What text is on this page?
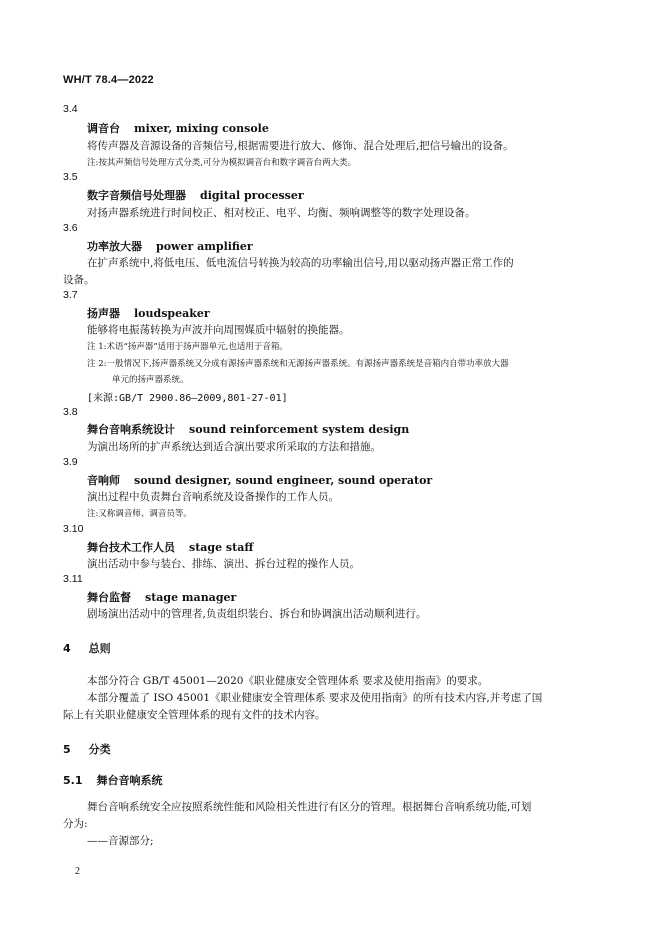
WH/T 78.4—2022
3.4
调音台 mixer, mixing console
将传声器及音源设备的音频信号,根据需要进行放大、修饰、混合处理后,把信号输出的设备。
注:按其声频信号处理方式分类,可分为模拟调音台和数字调音台两大类。
3.5
数字音频信号处理器 digital processer
对扬声器系统进行时间校正、相对校正、电平、均衡、频响调整等的数字处理设备。
3.6
功率放大器 power amplifier
在扩声系统中,将低电压、低电流信号转换为较高的功率输出信号,用以驱动扬声器正常工作的
设备。
3.7
扬声器 loudspeaker
能够将电振荡转换为声波并向周围媒质中辐射的换能器。
注 1:术语“扬声器”适用于扬声器单元,也适用于音箱。
注 2:一般情况下,扬声器系统又分成有源扬声器系统和无源扬声器系统。有源扬声器系统是音箱内自带功率放大器
单元的扬声器系统。
[来源:GB/T 2900.86—2009,801-27-01]
3.8
舞台音响系统设计 sound reinforcement system design
为演出场所的扩声系统达到适合演出要求所采取的方法和措施。
3.9
音响师 sound designer, sound engineer, sound operator
演出过程中负责舞台音响系统及设备操作的工作人员。
注:又称调音师、调音员等。
3.10
舞台技术工作人员 stage staff
演出活动中参与装台、排练、演出、拆台过程的操作人员。
3.11
舞台监督 stage manager
剧场演出活动中的管理者,负责组织装台、拆台和协调演出活动顺利进行。
4 总则
本部分符合 GB/T 45001—2020《职业健康安全管理体系 要求及使用指南》的要求。
本部分覆盖了 ISO 45001《职业健康安全管理体系 要求及使用指南》的所有技术内容,并考虑了国
际上有关职业健康安全管理体系的现有文件的技术内容。
5 分类
5.1 舞台音响系统
舞台音响系统安全应按照系统性能和风险相关性进行有区分的管理。根据舞台音响系统功能,可划
分为:
——音源部分;
2
